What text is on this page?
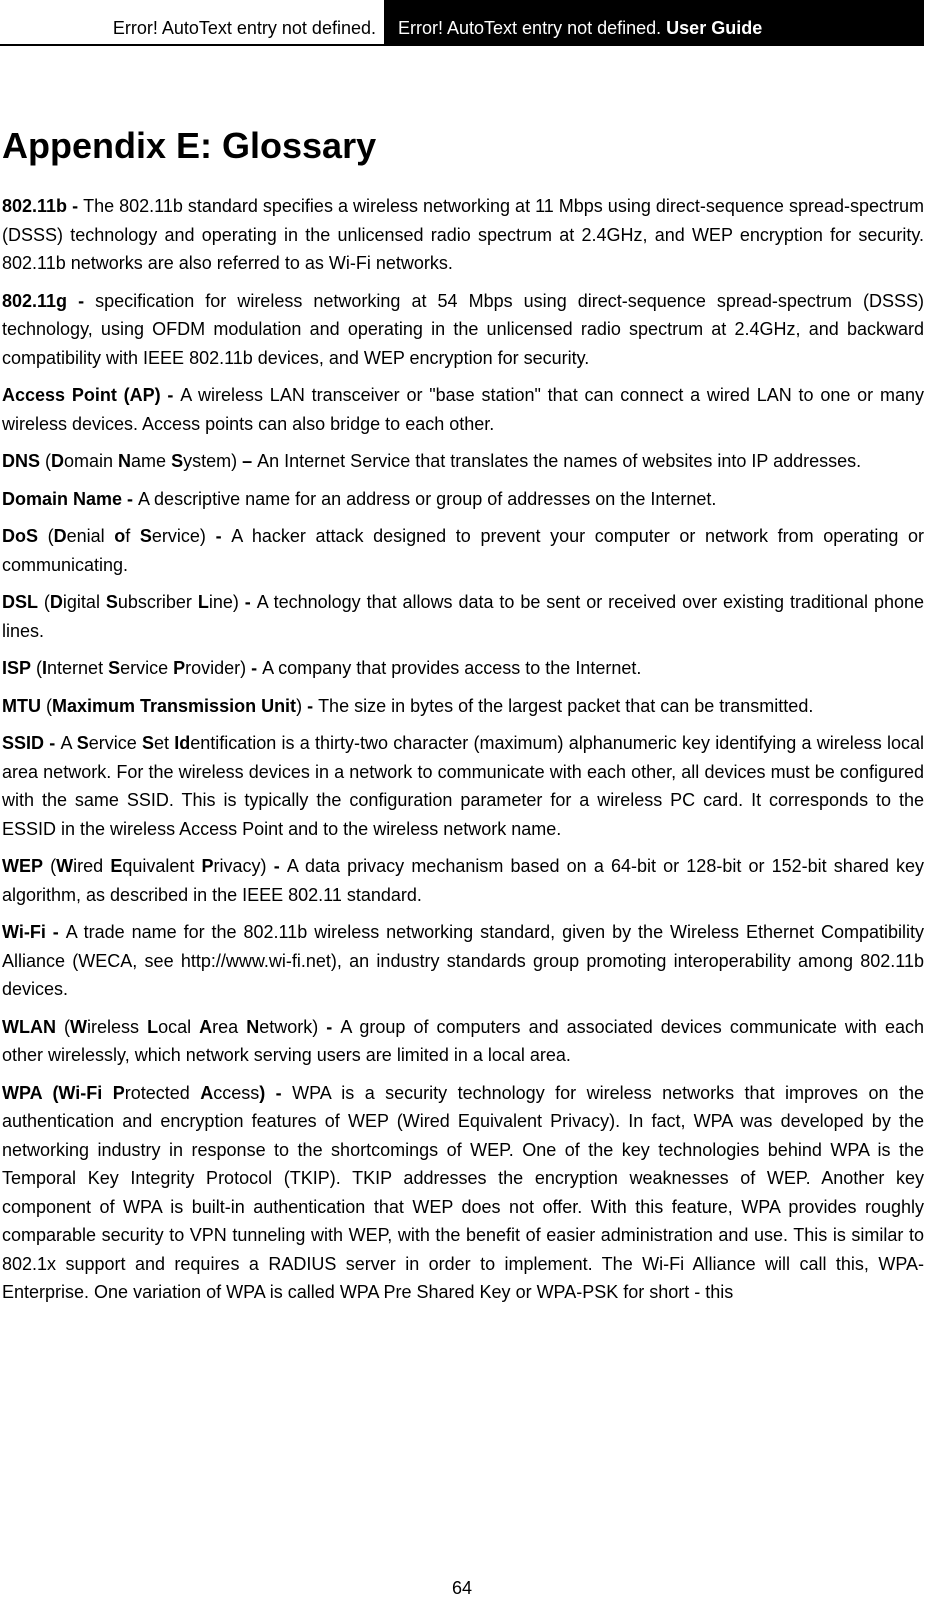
Error! AutoText entry not defined.	Error! AutoText entry not defined. User Guide
Appendix E: Glossary

802.11b - The 802.11b standard specifies a wireless networking at 11 Mbps using direct-sequence spread-spectrum (DSSS) technology and operating in the unlicensed radio spectrum at 2.4GHz, and WEP encryption for security. 802.11b networks are also referred to as Wi-Fi networks.

802.11g - specification for wireless networking at 54 Mbps using direct-sequence spread-spectrum (DSSS) technology, using OFDM modulation and operating in the unlicensed radio spectrum at 2.4GHz, and backward compatibility with IEEE 802.11b devices, and WEP encryption for security.

Access Point (AP) - A wireless LAN transceiver or "base station" that can connect a wired LAN to one or many wireless devices. Access points can also bridge to each other.

DNS (Domain Name System) – An Internet Service that translates the names of websites into IP addresses.

Domain Name - A descriptive name for an address or group of addresses on the Internet.

DoS (Denial of Service) - A hacker attack designed to prevent your computer or network from operating or communicating.

DSL (Digital Subscriber Line) - A technology that allows data to be sent or received over existing traditional phone lines.

ISP (Internet Service Provider) - A company that provides access to the Internet.

MTU (Maximum Transmission Unit) - The size in bytes of the largest packet that can be transmitted.

SSID - A Service Set Identification is a thirty-two character (maximum) alphanumeric key identifying a wireless local area network. For the wireless devices in a network to communicate with each other, all devices must be configured with the same SSID. This is typically the configuration parameter for a wireless PC card. It corresponds to the ESSID in the wireless Access Point and to the wireless network name.

WEP (Wired Equivalent Privacy) - A data privacy mechanism based on a 64-bit or 128-bit or 152-bit shared key algorithm, as described in the IEEE 802.11 standard.

Wi-Fi - A trade name for the 802.11b wireless networking standard, given by the Wireless Ethernet Compatibility Alliance (WECA, see http://www.wi-fi.net), an industry standards group promoting interoperability among 802.11b devices.

WLAN (Wireless Local Area Network) - A group of computers and associated devices communicate with each other wirelessly, which network serving users are limited in a local area.

WPA (Wi-Fi Protected Access) - WPA is a security technology for wireless networks that improves on the authentication and encryption features of WEP (Wired Equivalent Privacy). In fact, WPA was developed by the networking industry in response to the shortcomings of WEP. One of the key technologies behind WPA is the Temporal Key Integrity Protocol (TKIP). TKIP addresses the encryption weaknesses of WEP. Another key component of WPA is built-in authentication that WEP does not offer. With this feature, WPA provides roughly comparable security to VPN tunneling with WEP, with the benefit of easier administration and use. This is similar to 802.1x support and requires a RADIUS server in order to implement. The Wi-Fi Alliance will call this, WPA-Enterprise. One variation of WPA is called WPA Pre Shared Key or WPA-PSK for short - this

64
